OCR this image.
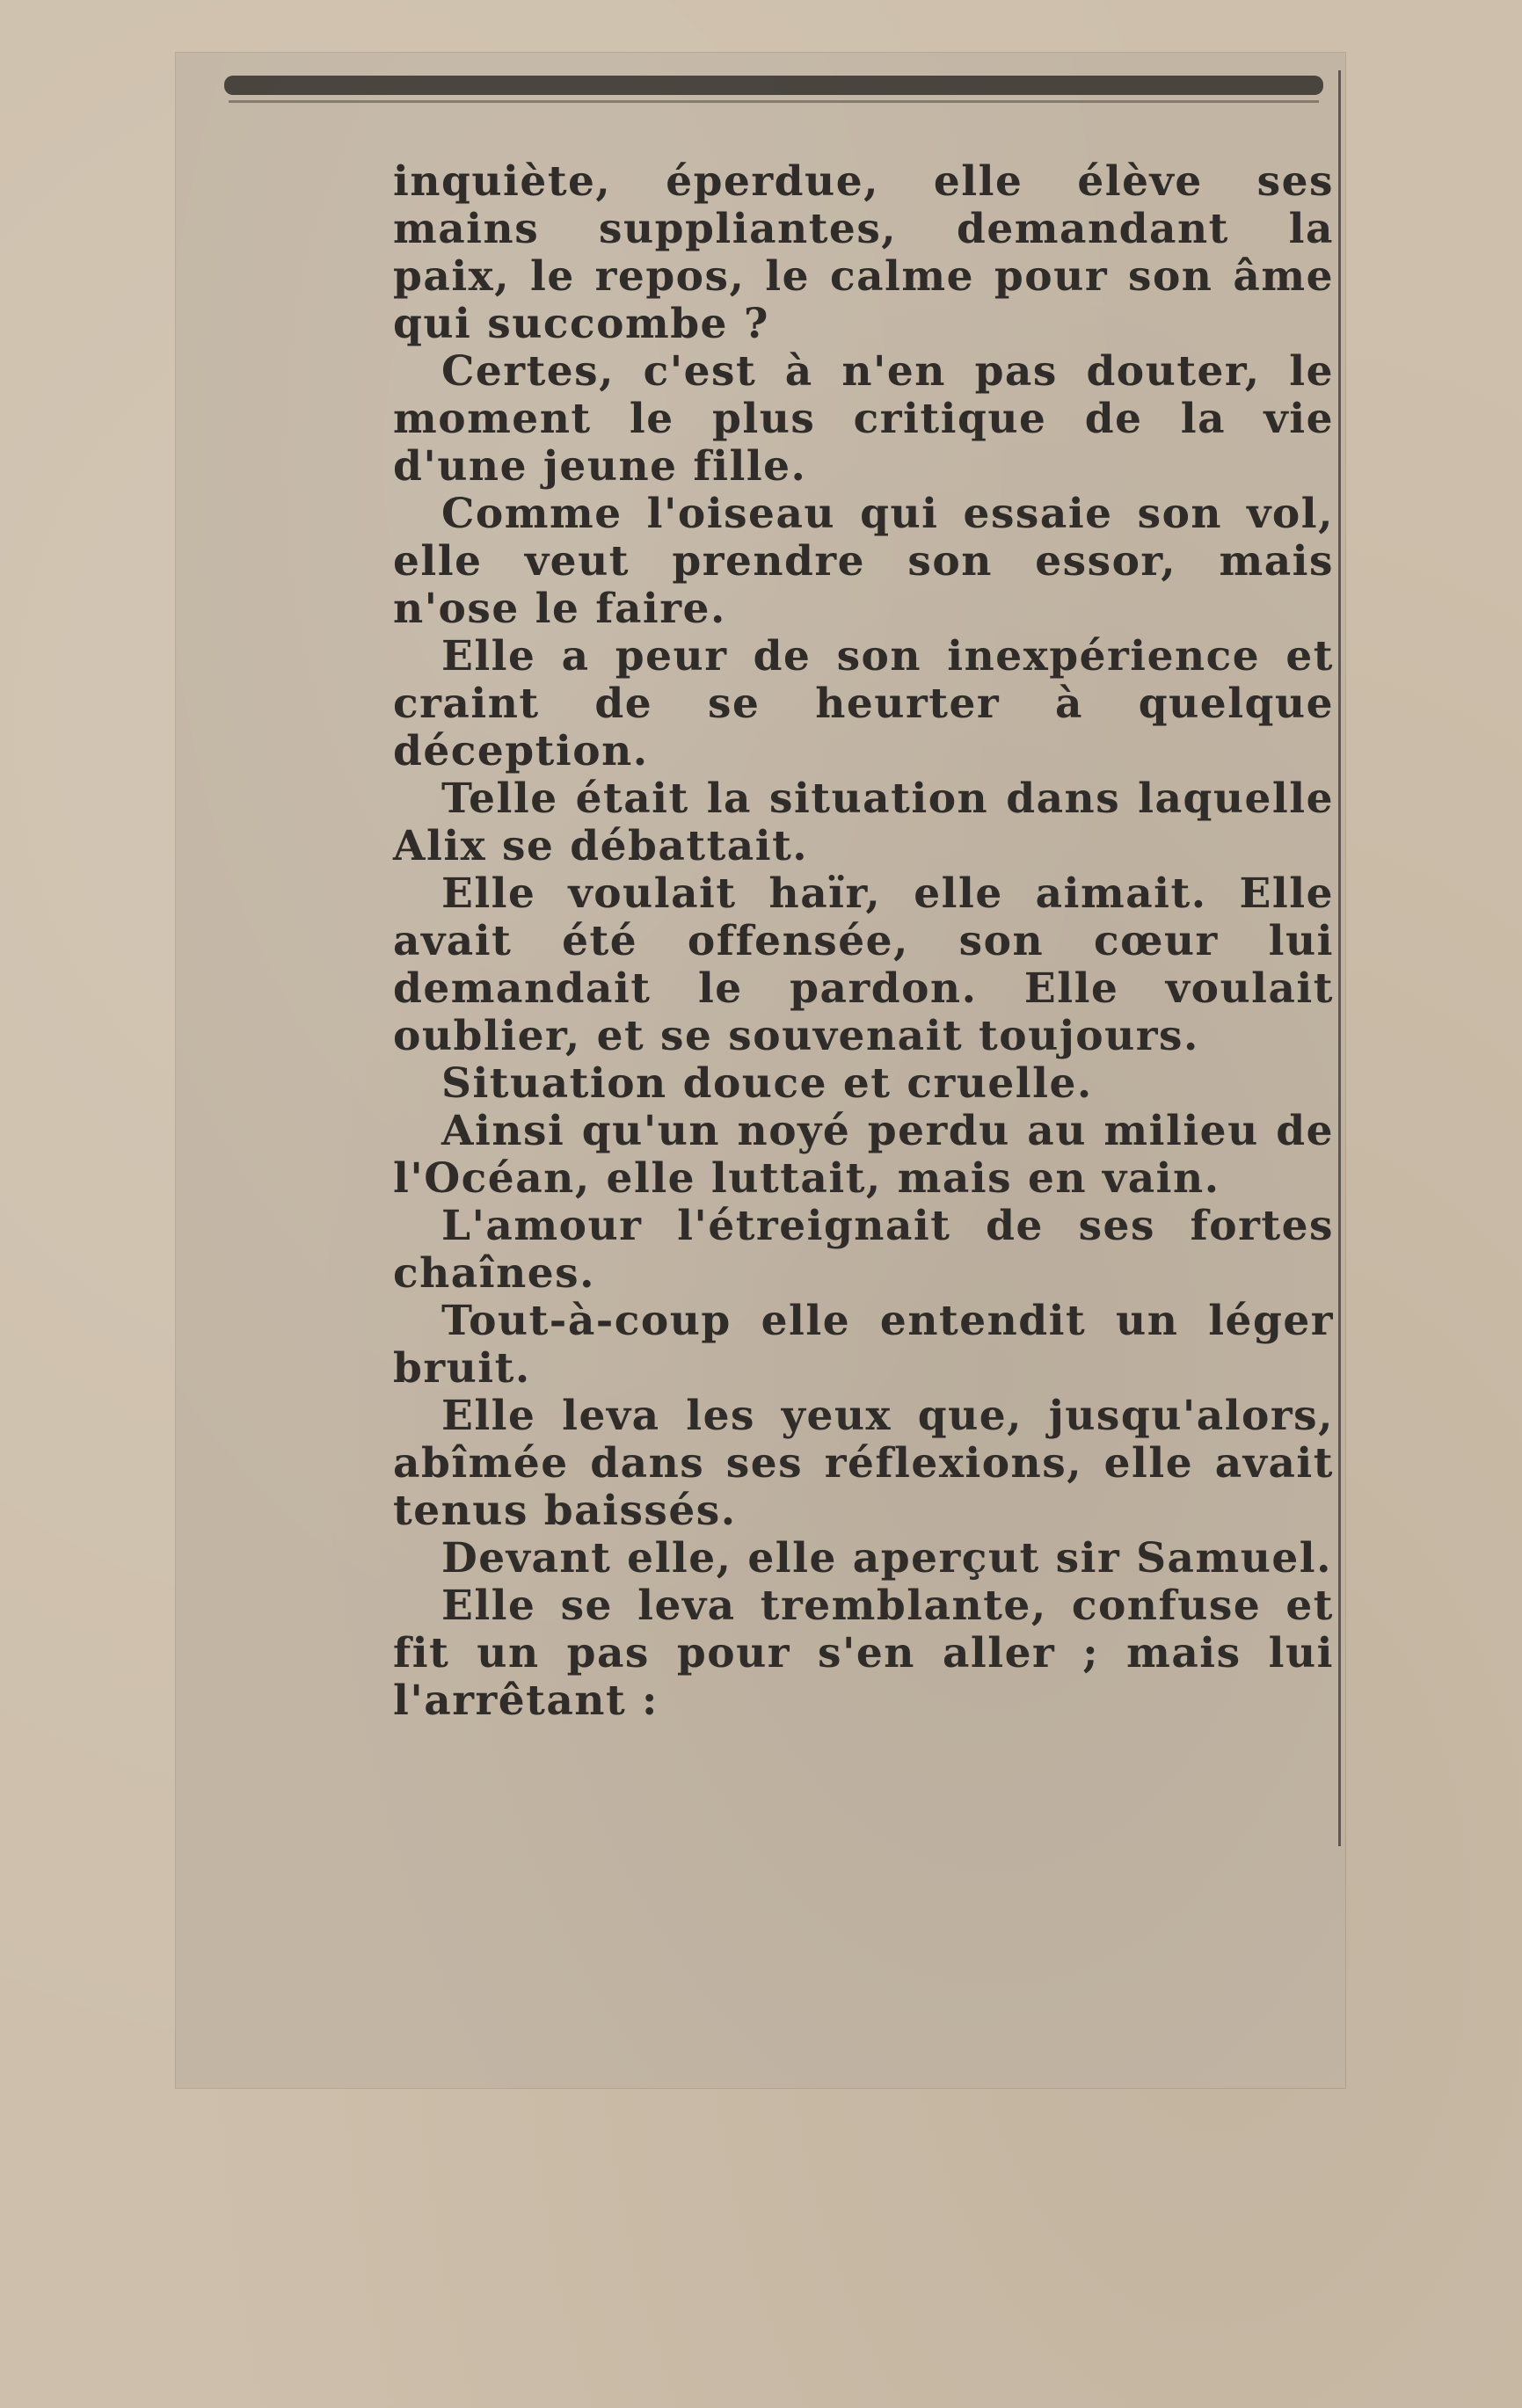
inquiète, éperdue, elle élève ses mains suppliantes, demandant la paix, le repos, le calme pour son âme qui succombe ?

Certes, c'est à n'en pas douter, le moment le plus critique de la vie d'une jeune fille.

Comme l'oiseau qui essaie son vol, elle veut prendre son essor, mais n'ose le faire.

Elle a peur de son inexpérience et craint de se heurter à quelque déception.

Telle était la situation dans laquelle Alix se débattait.

Elle voulait haïr, elle aimait. Elle avait été offensée, son cœur lui demandait le pardon. Elle voulait oublier, et se souvenait toujours.

Situation douce et cruelle.

Ainsi qu'un noyé perdu au milieu de l'Océan, elle luttait, mais en vain.

L'amour l'étreignait de ses fortes chaînes.

Tout-à-coup elle entendit un léger bruit.

Elle leva les yeux que, jusqu'alors, abîmée dans ses réflexions, elle avait tenus baissés.

Devant elle, elle aperçut sir Samuel.

Elle se leva tremblante, confuse et fit un pas pour s'en aller ; mais lui l'arrêtant :
